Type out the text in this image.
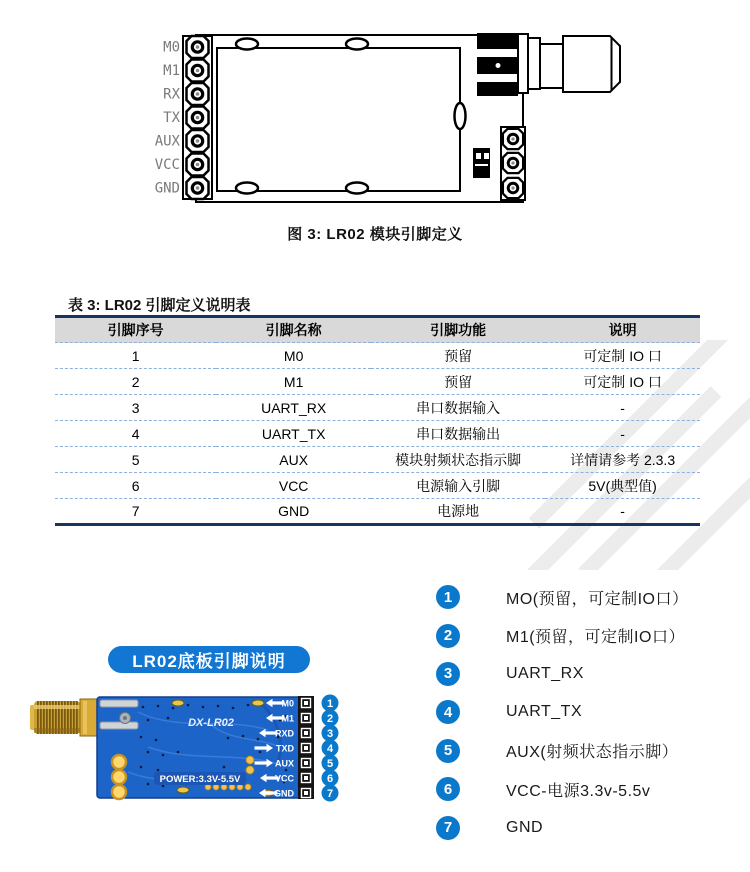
M0
M1
RX
TX
AUX
VCC
GND
图 3: LR02 模块引脚定义
表 3: LR02 引脚定义说明表
引脚序号	引脚名称	引脚功能	说明
1	M0	预留	可定制 IO 口
2	M1	预留	可定制 IO 口
3	UART_RX	串口数据输入	-
4	UART_TX	串口数据输出	-
5	AUX	模块射频状态指示脚	详情请参考 2.3.3
6	VCC	电源输入引脚	5V(典型值)
7	GND	电源地	-
LR02底板引脚说明
DX-LR02
POWER:3.3V-5.5V
M0
M1
RXD
TXD
AUX
VCC
GND
1
2
3
4
5
6
7
1	MO(预留，可定制IO口）
2	M1(预留，可定制IO口）
3	UART_RX
4	UART_TX
5	AUX(射频状态指示脚）
6	VCC-电源3.3v-5.5v
7	GND
